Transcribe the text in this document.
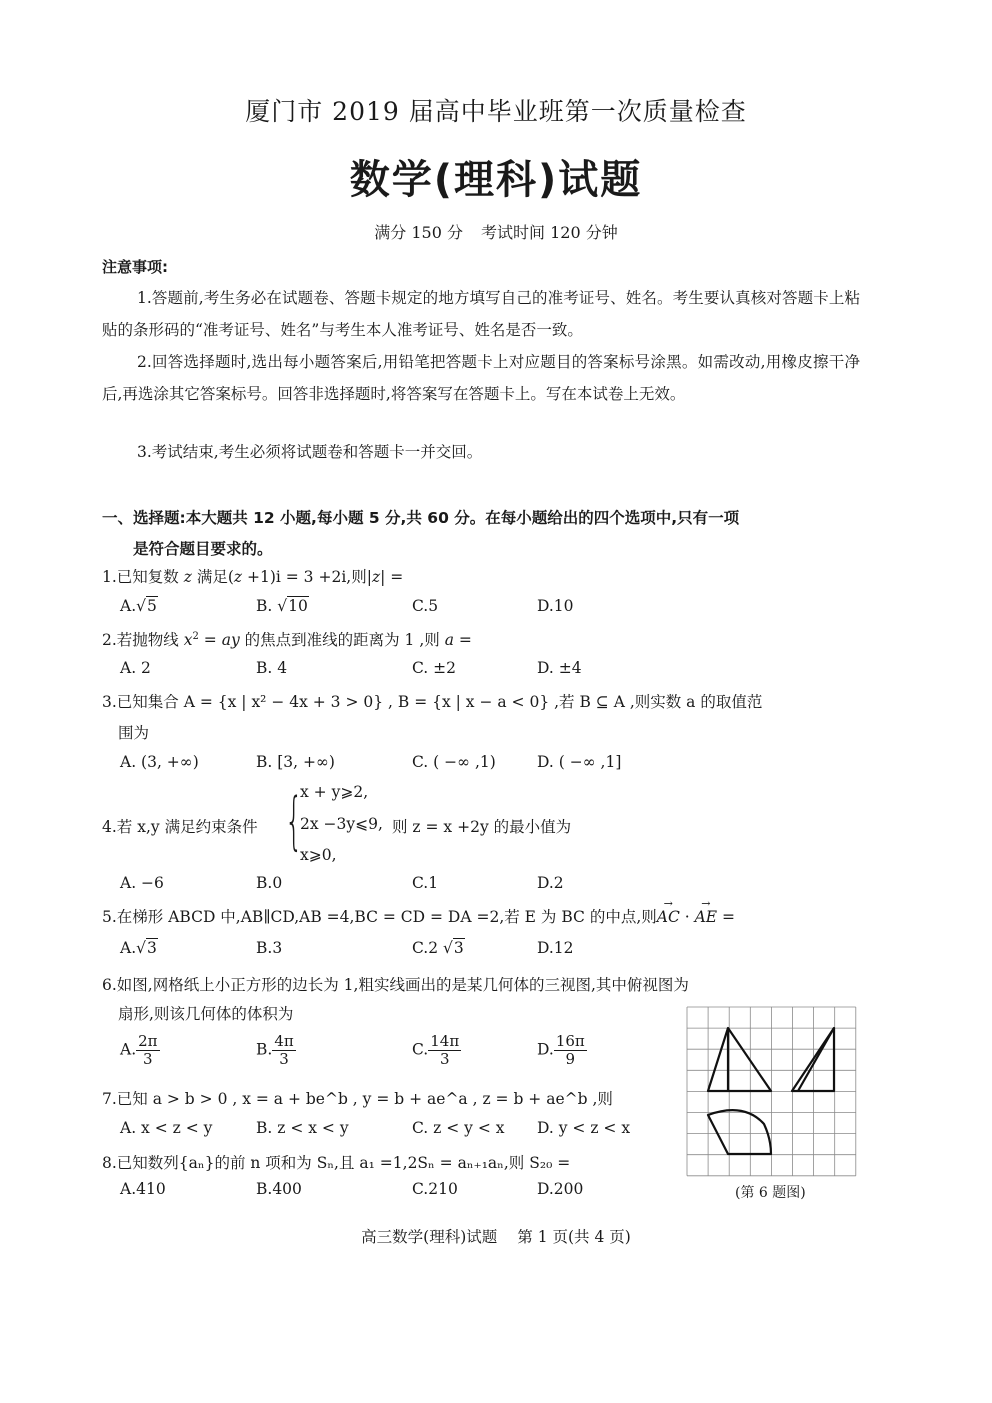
厦门市 2019 届高中毕业班第一次质量检查
数学(理科)试题
满分 150 分 考试时间 120 分钟
注意事项:
1.答题前,考生务必在试题卷、答题卡规定的地方填写自己的准考证号、姓名。考生要认真核对答题卡上粘贴的条形码的“准考证号、姓名”与考生本人准考证号、姓名是否一致。
2.回答选择题时,选出每小题答案后,用铅笔把答题卡上对应题目的答案标号涂黑。如需改动,用橡皮擦干净后,再选涂其它答案标号。回答非选择题时,将答案写在答题卡上。写在本试卷上无效。
3.考试结束,考生必须将试题卷和答题卡一并交回。
一、选择题:本大题共 12 小题,每小题 5 分,共 60 分。在每小题给出的四个选项中,只有一项
是符合题目要求的。
1.已知复数 z 满足(z +1)i = 3 +2i,则|z| =
A.√5	B. √10	C.5	D.10
2.若抛物线 $x^2$ = ay 的焦点到准线的距离为 1 ,则 a =
A. 2	B. 4	C. ±2	D. ±4
3.已知集合 A = {x | x² − 4x + 3 > 0} , B = {x | x − a < 0} ,若 B ⊆ A ,则实数 a 的取值范
围为
A. (3, +∞)	B. [3, +∞)	C. ( −∞ ,1)	D. ( −∞ ,1]
4.若 x,y 满足约束条件 {
x + y⩾2,
2x −3y⩽9,
x⩾0,
则 z = x +2y 的最小值为
A. −6	B.0	C.1	D.2
5.在梯形 ABCD 中,AB∥CD,AB =4,BC = CD = DA =2,若 E 为 BC 的中点,则→ AC · → AE =
A.√3	B.3	C.2 √3	D.12
6.如图,网格纸上小正方形的边长为 1,粗实线画出的是某几何体的三视图,其中俯视图为
扇形,则该几何体的体积为
A. $\frac{2\pi}{3}$	B. $\frac{4\pi}{3}$	C. $\frac{14\pi}{3}$	D. $\frac{16\pi}{9}$
(第 6 题图)
7.已知 a > b > 0 , x = a + be^b , y = b + ae^a , z = b + ae^b ,则
A. x < z < y	B. z < x < y	C. z < y < x D. y < z < x
8.已知数列{aₙ}的前 n 项和为 Sₙ,且 a₁ =1,2Sₙ = aₙ₊₁aₙ,则 S₂₀ =
A.410	B.400	C.210	D.200
高三数学(理科)试题 第 1 页(共 4 页)
